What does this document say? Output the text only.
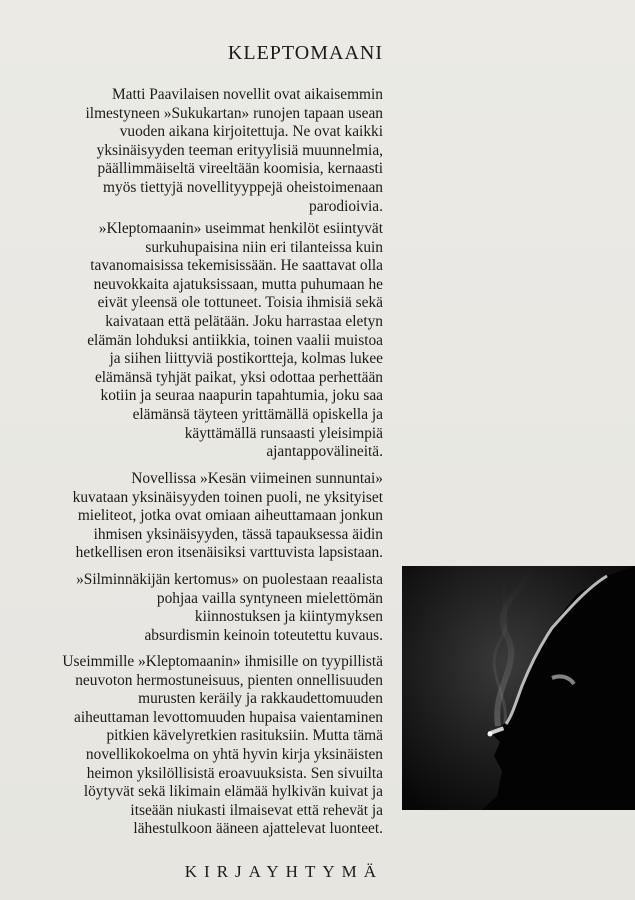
KLEPTOMAANI

Matti Paavilaisen novellit ovat aikaisemmin
ilmestyneen »Sukukartan» runojen tapaan usean
vuoden aikana kirjoitettuja. Ne ovat kaikki
yksinäisyyden teeman erityylisiä muunnelmia,
päällimmäiseltä vireeltään koomisia, kernaasti
myös tiettyjä novellityyppejä oheistoimenaan
parodioivia.

»Kleptomaanin» useimmat henkilöt esiintyvät
surkuhupaisina niin eri tilanteissa kuin
tavanomaisissa tekemisissään. He saattavat olla
neuvokkaita ajatuksissaan, mutta puhumaan he
eivät yleensä ole tottuneet. Toisia ihmisiä sekä
kaivataan että pelätään. Joku harrastaa eletyn
elämän lohduksi antiikkia, toinen vaalii muistoa
ja siihen liittyviä postikortteja, kolmas lukee
elämänsä tyhjät paikat, yksi odottaa perhettään
kotiin ja seuraa naapurin tapahtumia, joku saa
elämänsä täyteen yrittämällä opiskella ja
käyttämällä runsaasti yleisimpiä
ajantappovälineitä.

Novellissa »Kesän viimeinen sunnuntai»
kuvataan yksinäisyyden toinen puoli, ne yksityiset
mielitеot, jotka ovat omiaan aiheuttamaan jonkun
ihmisen yksinäisyyden, tässä tapauksessa äidin
hetkellisen eron itsenäisiksi varttuvista lapsistaan.

»Silminnäkijän kertomus» on puolestaan reaalista
pohjaa vailla syntyneen mielettömän
kiinnostuksen ja kiintymyksen
absurdismin keinoin toteutettu kuvaus.

Useimmille »Kleptomaanin» ihmisille on tyypillistä
neuvoton hermostuneisuus, pienten onnellisuuden
murusten keräily ja rakkaudettomuuden
aiheuttaman levottomuuden hupaisa vaientaminen
pitkien kävelyretkien rasituksiin. Mutta tämä
novellikokoelma on yhtä hyvin kirja yksinäisten
heimon yksilöllisistä eroavuuksista. Sen sivuilta
löytyvät sekä likimain elämää hylkivän kuivat ja
itseään niukasti ilmaisevat että rehevät ja
lähestulkoon ääneen ajattelevat luonteet.

KIRJAYHTYMÄ
